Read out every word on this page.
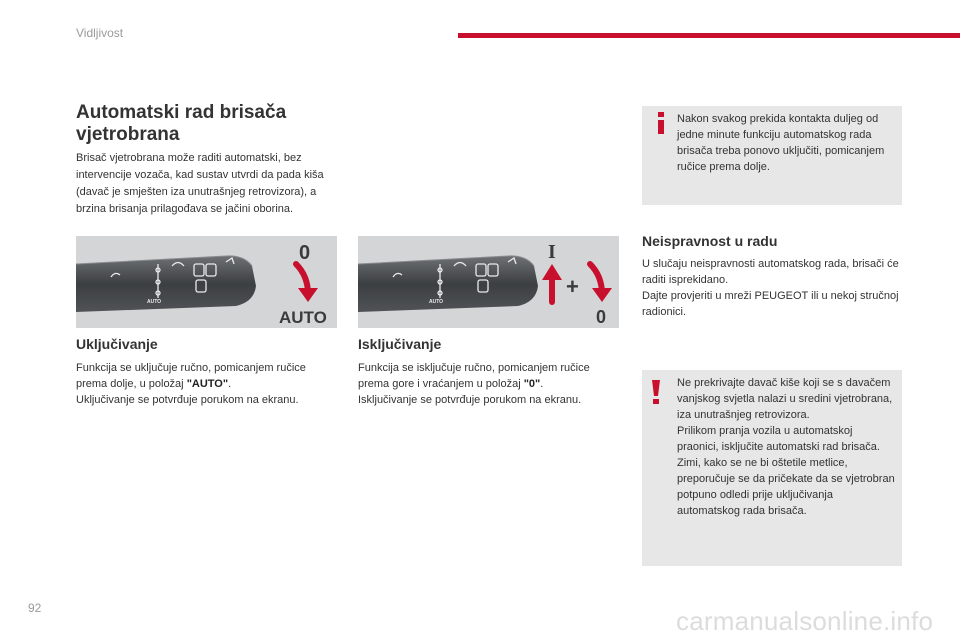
Vidljivost
92	carmanualsonline.info
Automatski rad brisača vjetrobrana
Brisač vjetrobrana može raditi automatski, bez intervencije vozača, kad sustav utvrdi da pada kiša (davač je smješten iza unutrašnjeg retrovizora), a brzina brisanja prilagođava se jačini oborina.
AUTO
0
AUTO
AUTO
I
+
0
Uključivanje
Funkcija se uključuje ručno, pomicanjem ručice prema dolje, u položaj "AUTO".
Uključivanje se potvrđuje porukom na ekranu.
Isključivanje
Funkcija se isključuje ručno, pomicanjem ručice prema gore i vraćanjem u položaj "0".
Isključivanje se potvrđuje porukom na ekranu.
Nakon svakog prekida kontakta duljeg od jedne minute funkciju automatskog rada brisača treba ponovo uključiti, pomicanjem ručice prema dolje.
Neispravnost u radu
U slučaju neispravnosti automatskog rada, brisači će raditi isprekidano.
Dajte provjeriti u mreži PEUGEOT ili u nekoj stručnoj radionici.
Ne prekrivajte davač kiše koji se s davačem vanjskog svjetla nalazi u sredini vjetrobrana, iza unutrašnjeg retrovizora.
Prilikom pranja vozila u automatskoj praonici, isključite automatski rad brisača.
Zimi, kako se ne bi oštetile metlice, preporučuje se da pričekate da se vjetrobran potpuno odledi prije uključivanja automatskog rada brisača.
